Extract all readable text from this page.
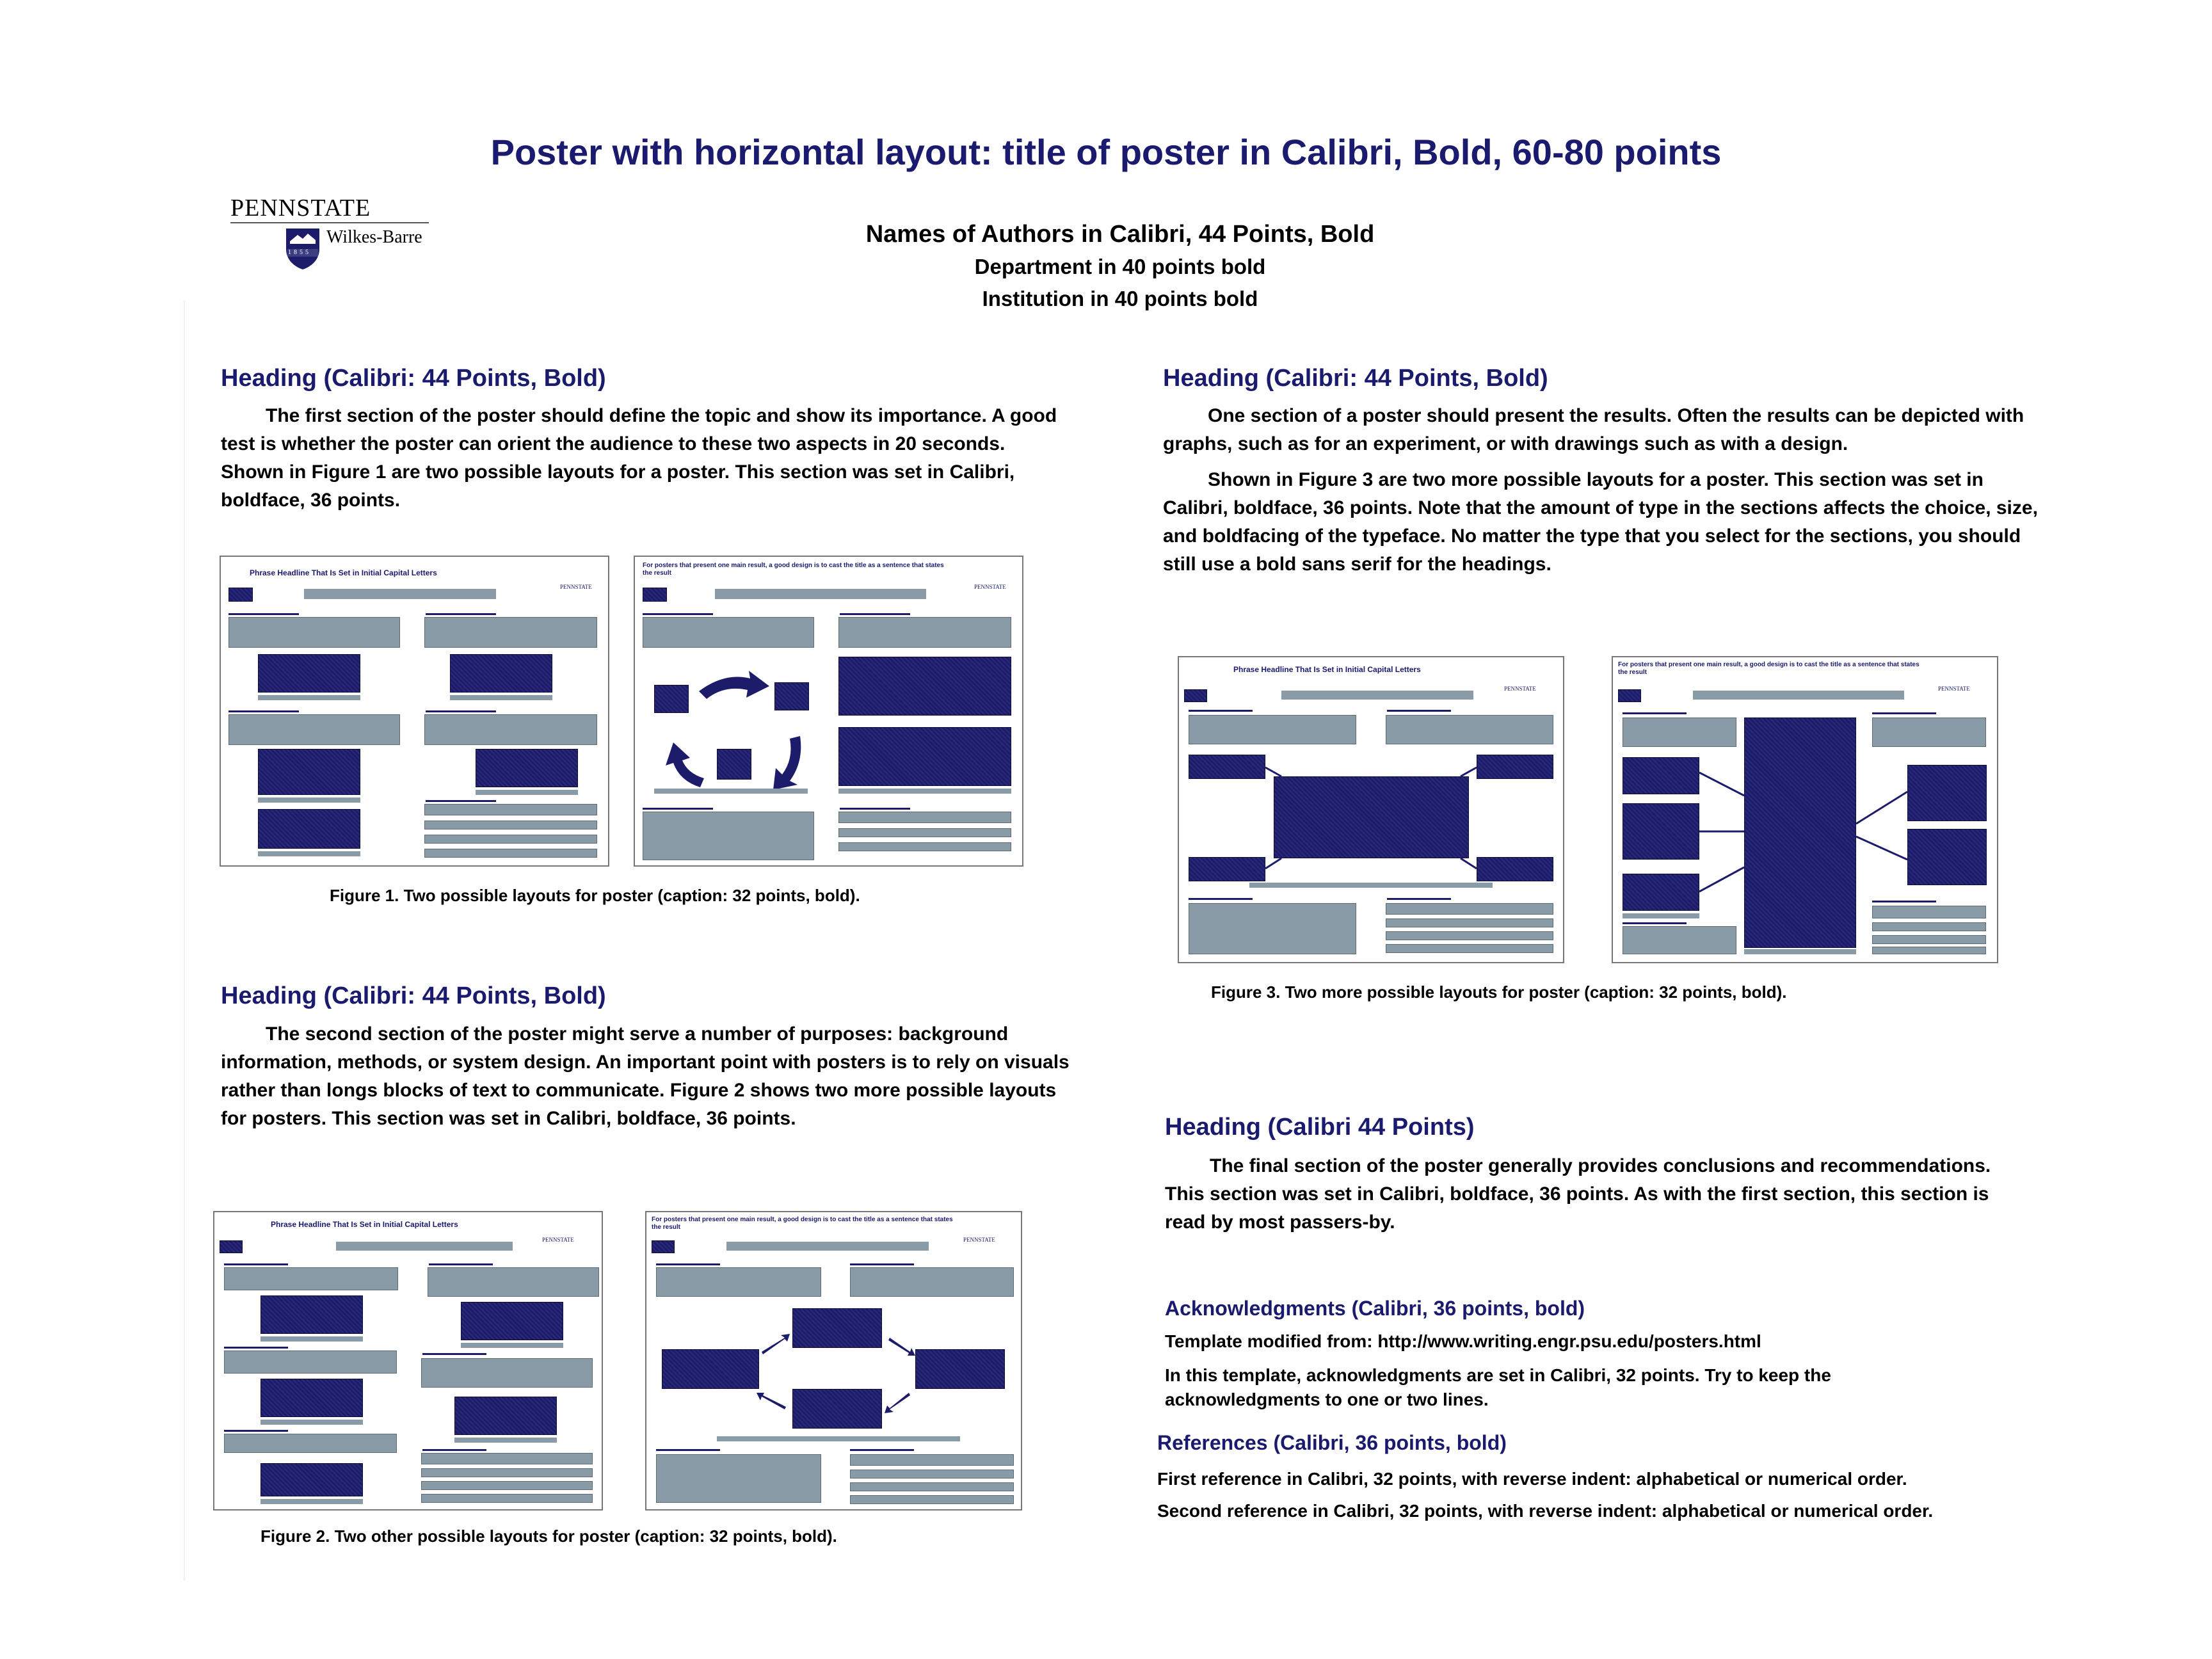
Poster with horizontal layout: title of poster in Calibri, Bold, 60-80 points
PENNSTATE
1855
Wilkes-Barre	Names of Authors in Calibri, 44 Points, Bold
Department in 40 points bold
Institution in 40 points bold
Heading (Calibri: 44 Points, Bold)

The first section of the poster should define the topic and show its importance. A good test is whether the poster can orient the audience to these two aspects in 20 seconds. Shown in Figure 1 are two possible layouts for a poster. This section was set in Calibri, boldface, 36 points.

Phrase Headline That Is Set in Initial Capital Letters
PENNSTATE
For posters that present one main result, a good design is to cast the title as a sentence that states the result
PENNSTATE

Figure 1. Two possible layouts for poster (caption: 32 points, bold).

Heading (Calibri: 44 Points, Bold)

The second section of the poster might serve a number of purposes: background information, methods, or system design. An important point with posters is to rely on visuals rather than longs blocks of text to communicate. Figure 2 shows two more possible layouts for posters. This section was set in Calibri, boldface, 36 points.

Phrase Headline That Is Set in Initial Capital Letters
PENNSTATE
For posters that present one main result, a good design is to cast the title as a sentence that states the result
PENNSTATE

Figure 2. Two other possible layouts for poster (caption: 32 points, bold).

Heading (Calibri: 44 Points, Bold)

One section of a poster should present the results. Often the results can be depicted with graphs, such as for an experiment, or with drawings such as with a design.

Shown in Figure 3 are two more possible layouts for a poster. This section was set in Calibri, boldface, 36 points. Note that the amount of type in the sections affects the choice, size, and boldfacing of the typeface. No matter the type that you select for the sections, you should still use a bold sans serif for the headings.

Phrase Headline That Is Set in Initial Capital Letters
PENNSTATE
For posters that present one main result, a good design is to cast the title as a sentence that states the result
PENNSTATE

Figure 3. Two more possible layouts for poster (caption: 32 points, bold).

Heading (Calibri 44 Points)

The final section of the poster generally provides conclusions and recommendations. This section was set in Calibri, boldface, 36 points. As with the first section, this section is read by most passers-by.

Acknowledgments (Calibri, 36 points, bold)

Template modified from: http://www.writing.engr.psu.edu/posters.html

In this template, acknowledgments are set in Calibri, 32 points. Try to keep the acknowledgments to one or two lines.

References (Calibri, 36 points, bold)

First reference in Calibri, 32 points, with reverse indent: alphabetical or numerical order.

Second reference in Calibri, 32 points, with reverse indent: alphabetical or numerical order.
